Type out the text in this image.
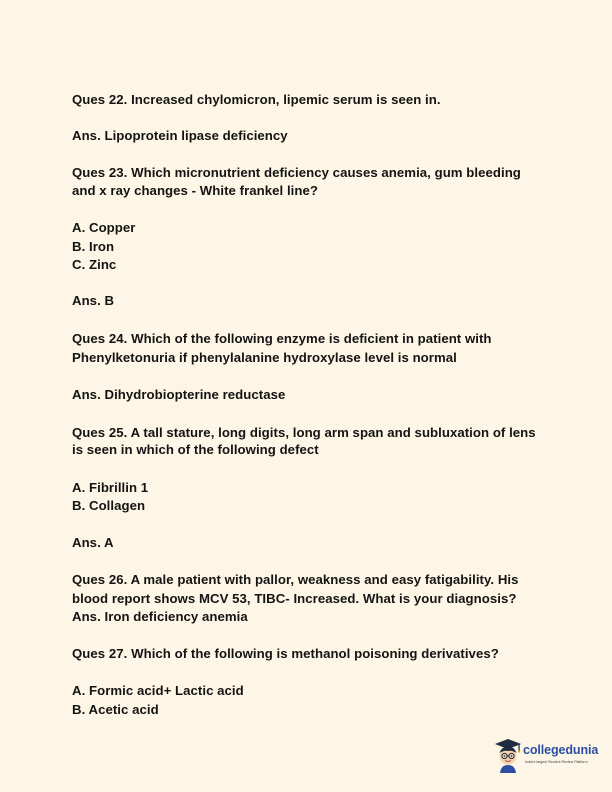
Ques 22. Increased chylomicron, lipemic serum is seen in.
Ans. Lipoprotein lipase deficiency
Ques 23. Which micronutrient deficiency causes anemia, gum bleeding
and x ray changes - White frankel line?
A. Copper
B. Iron
C. Zinc
Ans. B
Ques 24. Which of the following enzyme is deficient in patient with
Phenylketonuria if phenylalanine hydroxylase level is normal
Ans. Dihydrobiopterine reductase
Ques 25. A tall stature, long digits, long arm span and subluxation of lens
is seen in which of the following defect
A. Fibrillin 1
B. Collagen
Ans. A
Ques 26. A male patient with pallor, weakness and easy fatigability. His
blood report shows MCV 53, TIBC- Increased. What is your diagnosis?
Ans. Iron deficiency anemia
Ques 27. Which of the following is methanol poisoning derivatives?
A. Formic acid+ Lactic acid
B. Acetic acid
collegedunia
India's largest Student Review Platform
